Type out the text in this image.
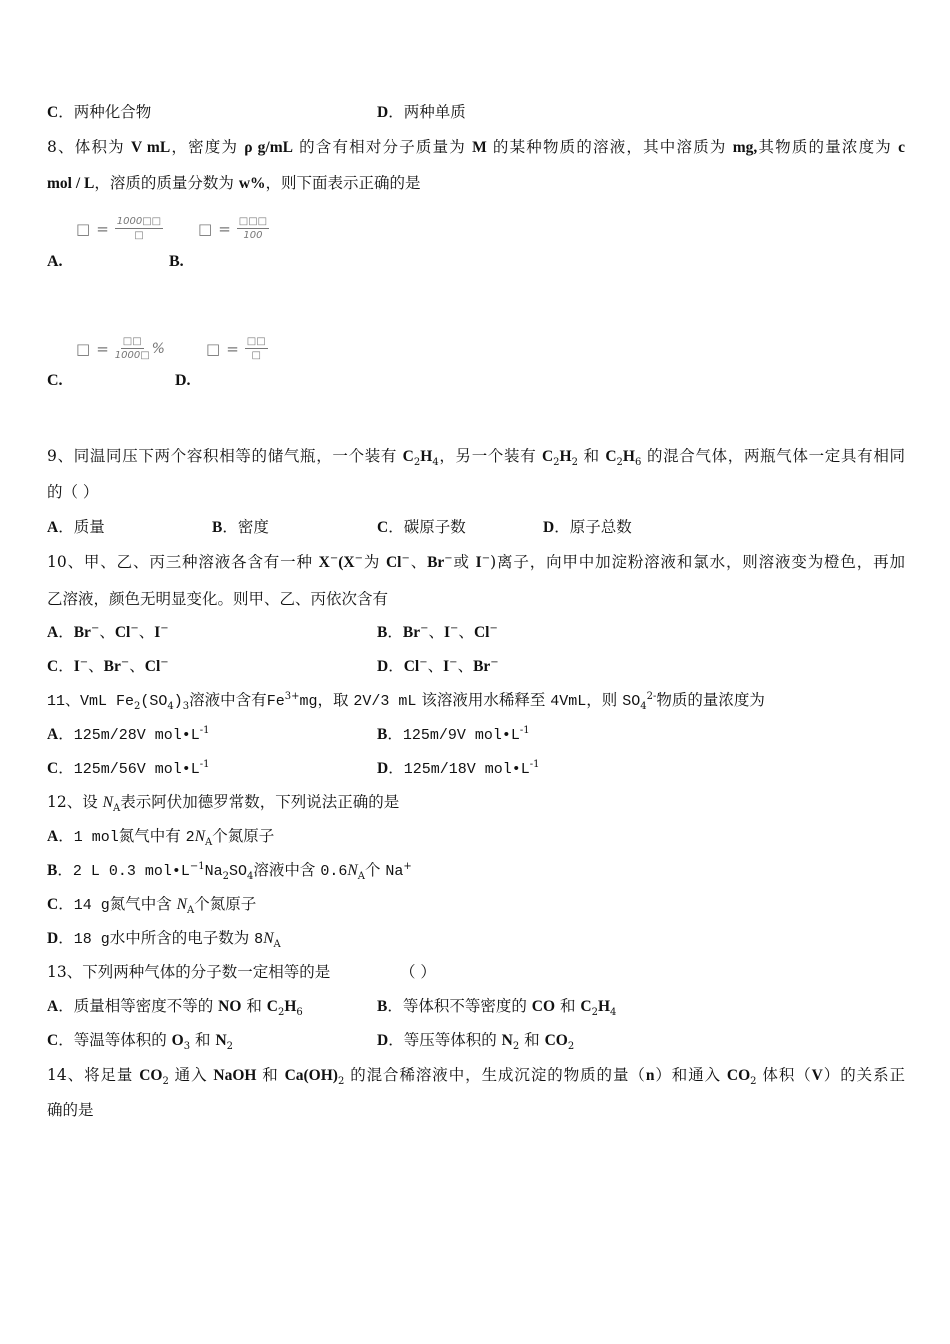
C．两种化合物	D．两种单质
8、体积为 V mL，密度为 ρ g/mL 的含有相对分子质量为 M 的某种物质的溶液，其中溶质为 mg,其物质的量浓度为 c
mol / L，溶质的质量分数为 w%，则下面表示正确的是
9、同温同压下两个容积相等的储气瓶，一个装有 $C_2H_4$，另一个装有 $C_2H_2$ 和 $C_2H_6$ 的混合气体，两瓶气体一定具有相同
的（ ）
A．质量	B．密度	C．碳原子数	D．原子总数
10、甲、乙、丙三种溶液各含有一种 X−(X−为 Cl−、Br−或 I−)离子，向甲中加淀粉溶液和氯水，则溶液变为橙色，再加
乙溶液，颜色无明显变化。则甲、乙、丙依次含有
A．Br−、Cl−、I−	B．Br−、I−、Cl−
C．I−、Br−、Cl−	D．Cl−、I−、Br−
11、VmL $Fe_2(SO_4)_3$溶液中含有$Fe^{3+}mg$，取 2V/3 mL 该溶液用水稀释至 4VmL，则 $SO_4^{2-}$物质的量浓度为
A．125m/28V $mol•L^{-1}$	B．125m/9V $mol•L^{-1}$
C．125m/56V $mol•L^{-1}$	D．125m/18V $mol•L^{-1}$
12、设 $N_A$表示阿伏加德罗常数，下列说法正确的是
A．1 mol氮气中有 $2N_A$个氮原子
B．2 L 0.3 $mol•L^{-1}Na_2SO_4$溶液中含 $0.6N_A$个 Na+
C．14 g氮气中含 $N_A$个氮原子
D．18 g水中所含的电子数为 $8N_A$
13、下列两种气体的分子数一定相等的是	（ ）
A．质量相等密度不等的 NO 和 $C_2H_6$	B．等体积不等密度的 CO 和 $C_2H_4$
C．等温等体积的 $O_3$ 和 $N_2$	D．等压等体积的 $N_2$ 和 $CO_2$
14、将足量 $CO_2$ 通入 NaOH 和 $Ca(OH)_2$ 的混合稀溶液中，生成沉淀的物质的量（n）和通入 $CO_2$ 体积（V）的关系正
确的是
□ = $\frac{1000□□}{□}$ □ = $\frac{□□□}{100}$
A.	B.
□ = $\frac{□□}{1000□}$ %	□ = $\frac{□□}{□}$
C.	D.
